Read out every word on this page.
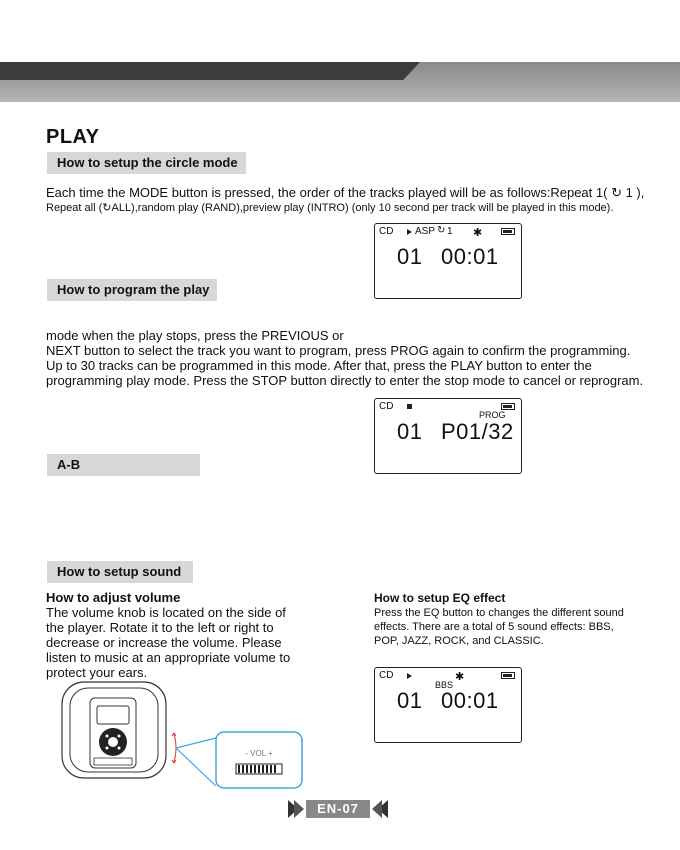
PLAY
How to setup the circle mode
Each time the MODE button is pressed, the order of the tracks played will be as follows:Repeat 1( ↻ 1 ),
Repeat all (↻ALL),random play (RAND),preview play (INTRO) (only 10 second per track will be played in this mode).
CD ASP ↻ 1 ✱
01 00:01
How to program the play
mode when the play stops, press the PREVIOUS or
NEXT button to select the track you want to program, press PROG again to confirm the programming.
Up to 30 tracks can be programmed in this mode. After that, press the PLAY button to enter the
programming play mode. Press the STOP button directly to enter the stop mode to cancel or reprogram.
CD
PROG
01 P01/32
A-B
How to setup sound
How to adjust volume
The volume knob is located on the side of
the player. Rotate it to the left or right to
decrease or increase the volume. Please
listen to music at an appropriate volume to
protect your ears.
How to setup EQ effect
Press the EQ button to changes the different sound
effects. There are a total of 5 sound effects: BBS,
POP, JAZZ, ROCK, and CLASSIC.
CD
BBS
✱
01 00:01
- VOL +
EN-07
